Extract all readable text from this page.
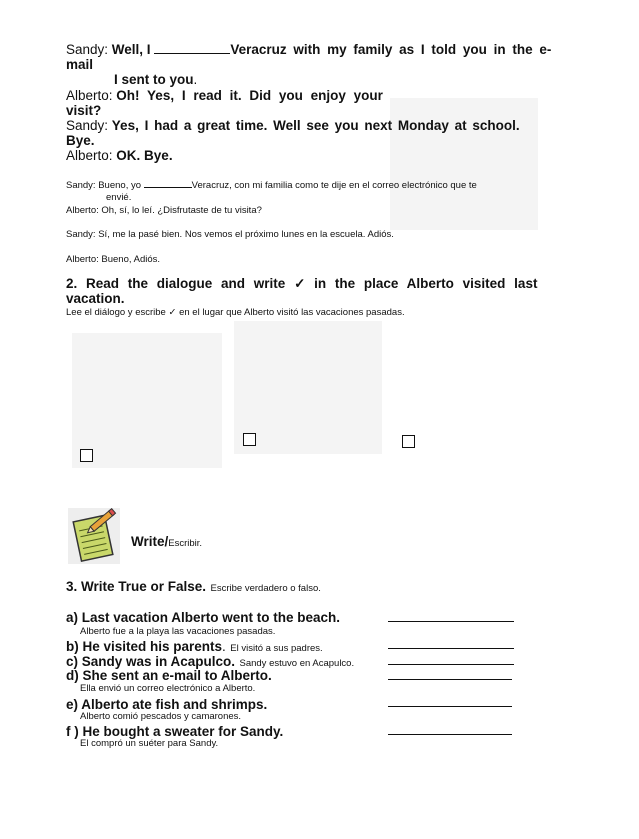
Sandy: Well, I	Veracruz with my family as I told you in the e-
mail
I sent to you.
Alberto: Oh! Yes, I read it. Did you enjoy your
visit?
Sandy: Yes, I had a great time. Well see you next Monday at school.
Bye.
Alberto: OK. Bye.
Sandy: Bueno, yo	Veracruz, con mi familia como te dije en el correo electrónico que te
envié.
Alberto: Oh, sí, lo leí. ¿Disfrutaste de tu visita?
Sandy: Sí, me la pasé bien. Nos vemos el próximo lunes en la escuela. Adiós.
Alberto: Bueno, Adiós.
2. Read the dialogue and write ✓ in the place Alberto visited last
vacation.
Lee el diálogo y escribe ✓ en el lugar que Alberto visitó las vacaciones pasadas.
Write/Escribir.
3. Write True or False. Escribe verdadero o falso.
a) Last vacation Alberto went to the beach.
Alberto fue a la playa las vacaciones pasadas.
b) He visited his parents. El visitó a sus padres.
c) Sandy was in Acapulco. Sandy estuvo en Acapulco.
d) She sent an e-mail to Alberto.
Ella envió un correo electrónico a Alberto.
e) Alberto ate fish and shrimps.
Alberto comió pescados y camarones.
f ) He bought a sweater for Sandy.
El compró un suéter para Sandy.
